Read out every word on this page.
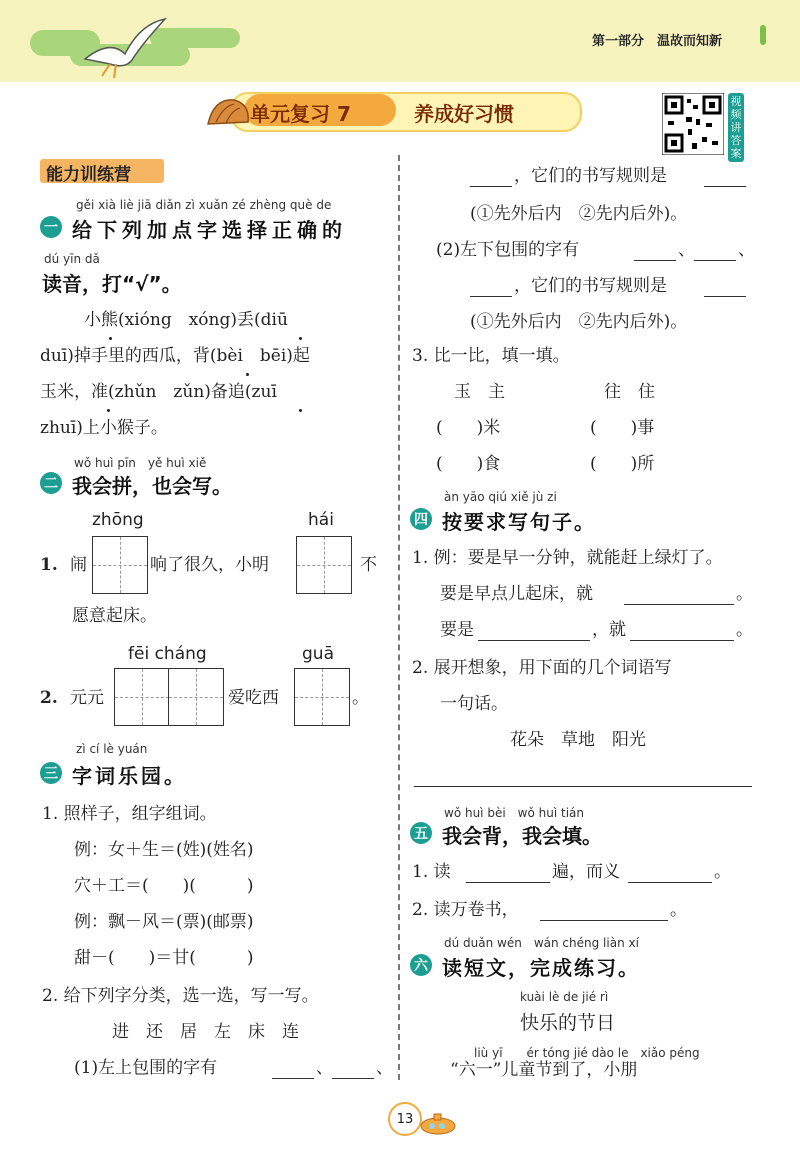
第一部分　温故而知新
单元复习 7	养成好习惯
视频讲答案
能力训练营
gěi xià liè jiā diǎn zì xuǎn zé zhèng què de
一 给下列加点字选择正确的
dú yīn dǎ
读音，打“√”。
小熊(xióng　xóng)丢(diū
duī)掉手里的西瓜，背(bèi　bēi)起
玉米，准(zhǔn　zǔn)备追(zuī
zhuī)上小猴子。
wǒ huì pīn　yě huì xiě
二 我会拼，也会写。
zhōng	hái
1. 闹	响了很久，小明	不
愿意起床。
fēi cháng	guā
2. 元元	爱吃西	。
zì cí lè yuán
三 字词乐园。
1. 照样子，组字组词。
例：女＋生＝(姓)(姓名)
穴＋工＝(　　)(　　　)
例：飘－风＝(票)(邮票)
甜－(　　)＝甘(　　　)
2. 给下列字分类，选一选，写一写。
进　还　居　左　床　连
(1)左上包围的字有	、	、
，它们的书写规则是
(①先外后内　②先内后外)。
(2)左下包围的字有	、	、
，它们的书写规则是
(①先外后内　②先内后外)。
3. 比一比，填一填。
玉　主	往　住
(　　)米	(　　)事
(　　)食	(　　)所
àn yāo qiú xiě jù zi
四 按要求写句子。
1. 例：要是早一分钟，就能赶上绿灯了。
要是早点儿起床，就	。
要是	，就	。
2. 展开想象，用下面的几个词语写
一句话。
花朵　草地　阳光
wǒ huì bèi　wǒ huì tián
五 我会背，我会填。
1. 读	遍，而义	。
2. 读万卷书，	。
dú duǎn wén　wán chéng liàn xí
六 读短文，完成练习。
kuài lè de jié rì
快乐的节日
liù yī　　ér tóng jié dào le　xiǎo péng
“六一”儿童节到了，小朋
13
